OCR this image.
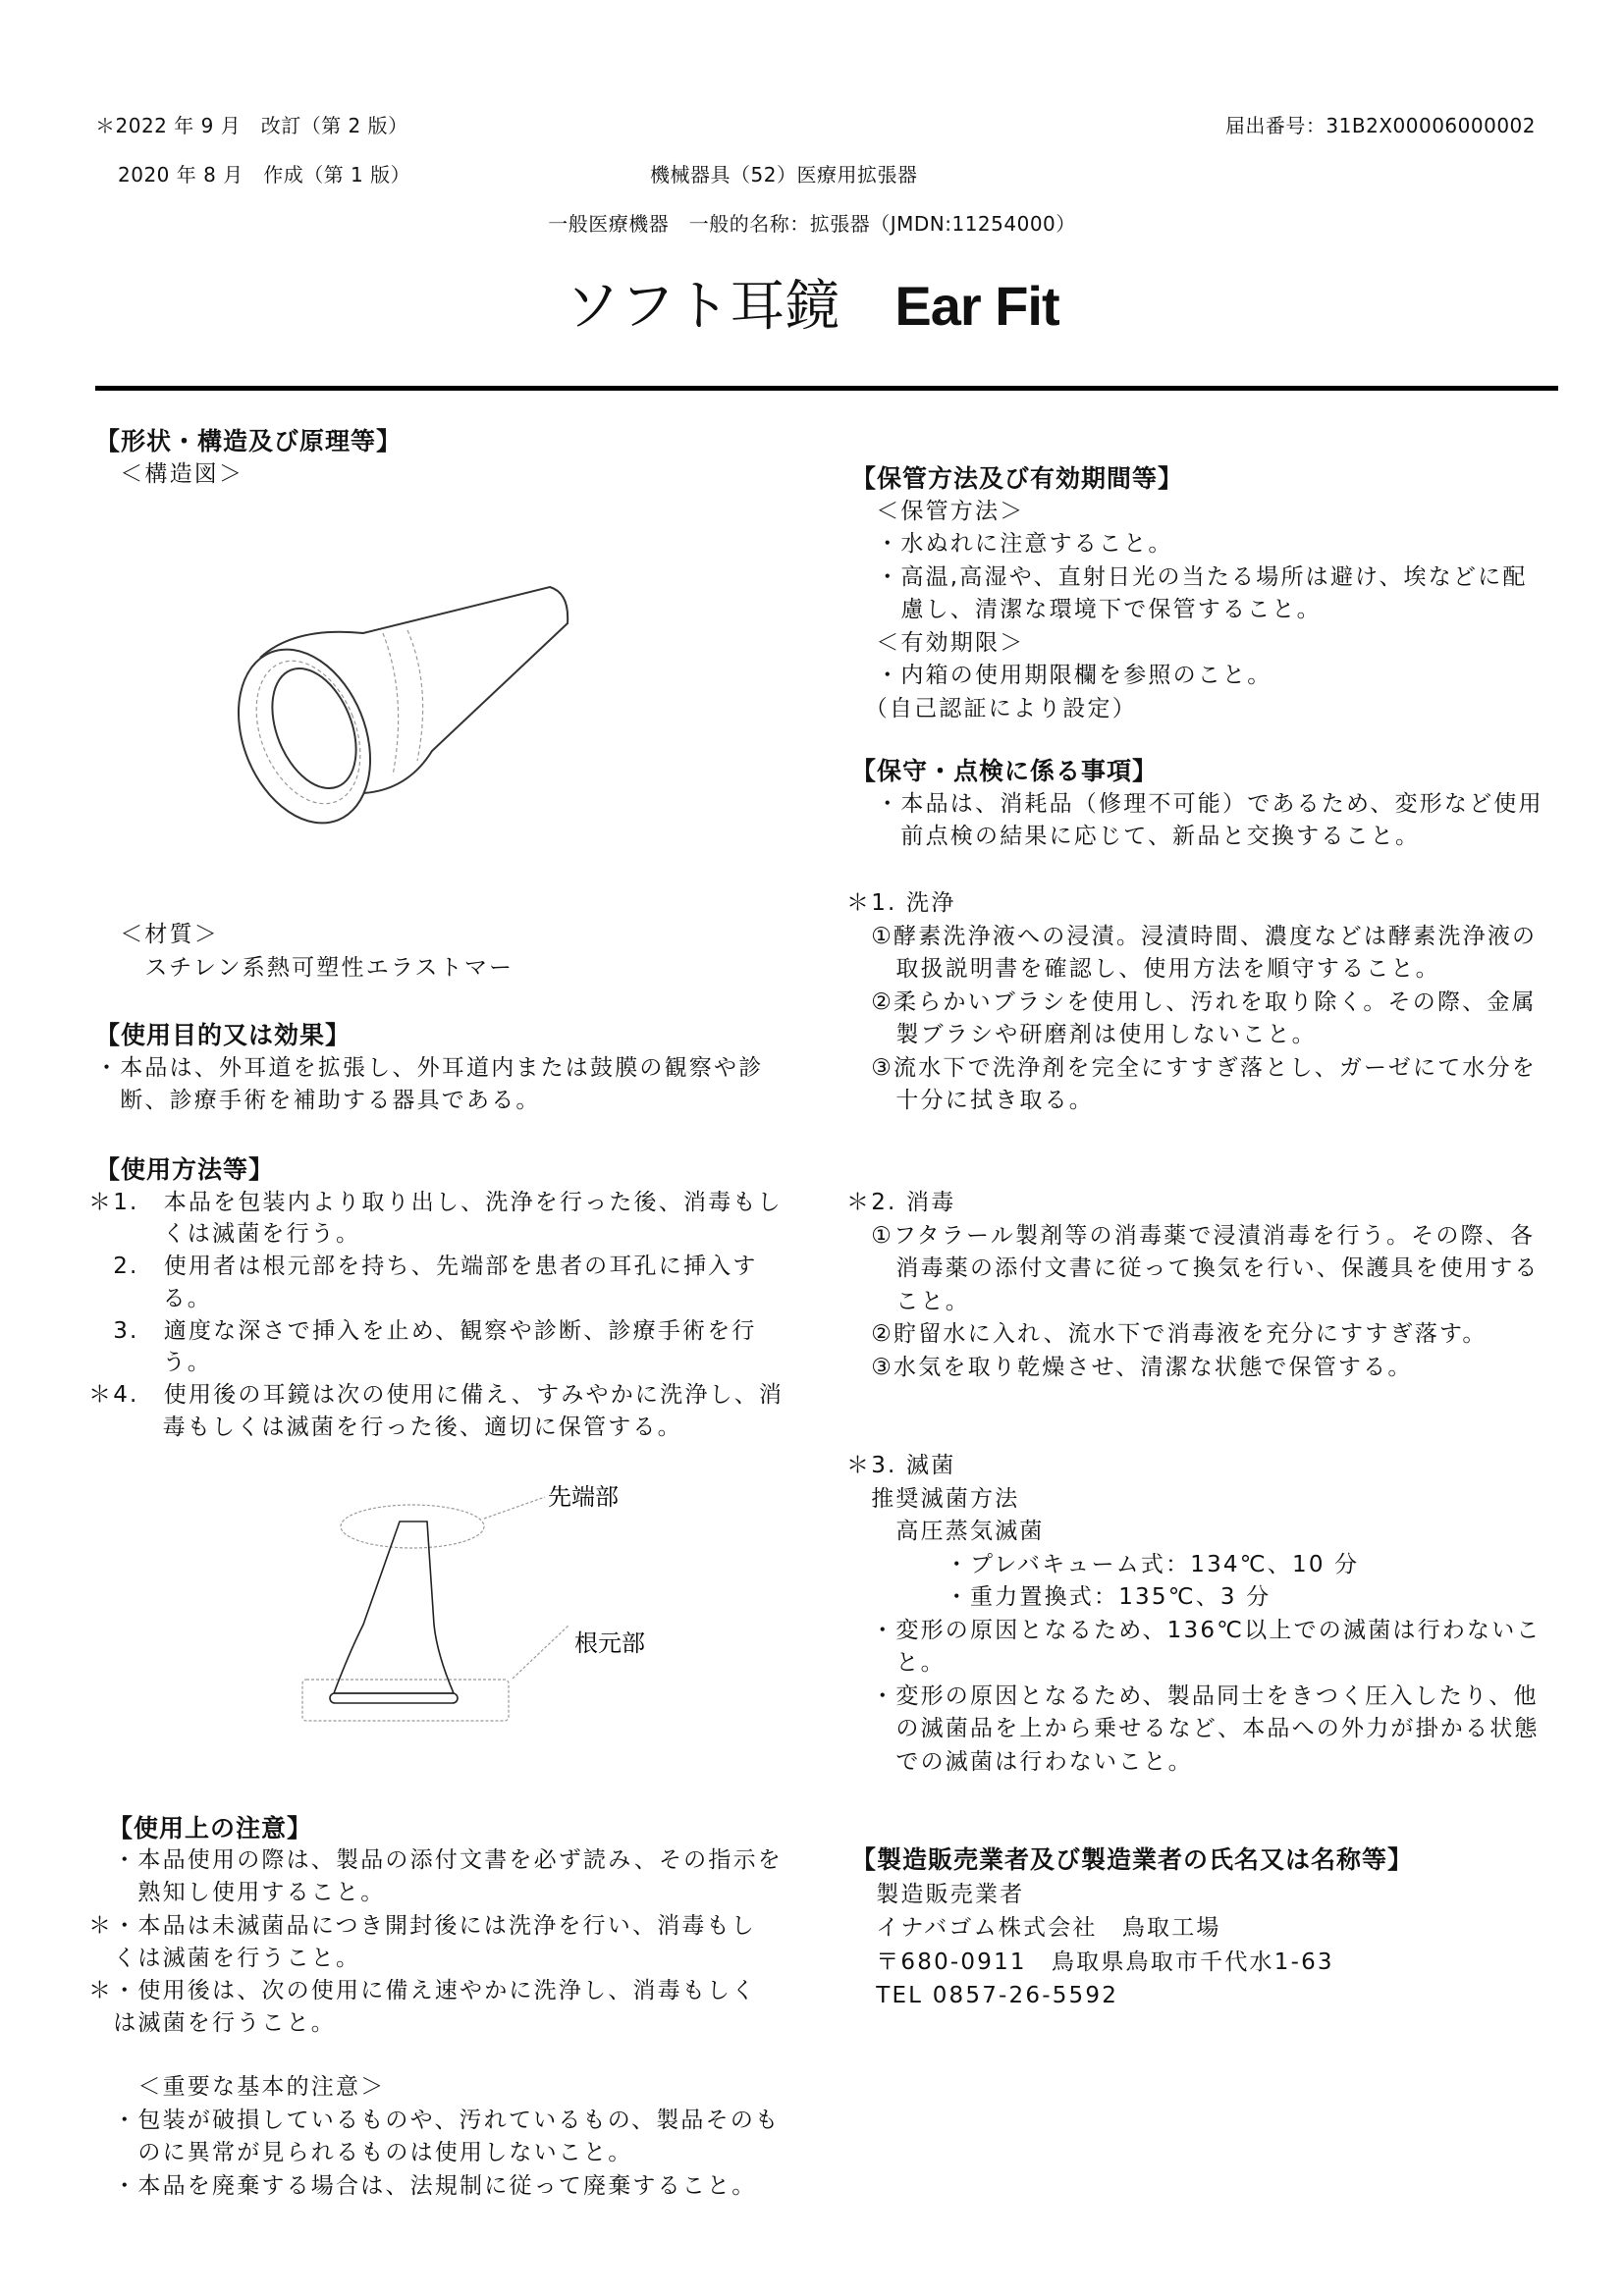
＊2022 年 9 月　改訂（第 2 版）	届出番号：31B2X00006000002
2020 年 8 月　作成（第 1 版）	機械器具（52）医療用拡張器
一般医療機器　一般的名称：拡張器（JMDN:11254000）
ソフト耳鏡　 Ear Fit
【形状・構造及び原理等】
　＜構造図＞
　＜材質＞
　　スチレン系熱可塑性エラストマー
【使用目的又は効果】
・本品は、外耳道を拡張し、外耳道内または鼓膜の観察や診
　断、診療手術を補助する器具である。
【使用方法等】
＊1.　本品を包装内より取り出し、洗浄を行った後、消毒もし
　　　くは滅菌を行う。
　2.　使用者は根元部を持ち、先端部を患者の耳孔に挿入す
　　　る。
　3.　適度な深さで挿入を止め、観察や診断、診療手術を行
　　　う。
＊4.　使用後の耳鏡は次の使用に備え、すみやかに洗浄し、消
　　　毒もしくは滅菌を行った後、適切に保管する。
先端部
根元部
【使用上の注意】
　・本品使用の際は、製品の添付文書を必ず読み、その指示を
　　熟知し使用すること。
＊・本品は未滅菌品につき開封後には洗浄を行い、消毒もし
　くは滅菌を行うこと。
＊・使用後は、次の使用に備え速やかに洗浄し、消毒もしく
　は滅菌を行うこと。
　　＜重要な基本的注意＞
　・包装が破損しているものや、汚れているもの、製品そのも
　　のに異常が見られるものは使用しないこと。
　・本品を廃棄する場合は、法規制に従って廃棄すること。
【保管方法及び有効期間等】
　＜保管方法＞
　・水ぬれに注意すること。
　・高温,高湿や、直射日光の当たる場所は避け、埃などに配
　　慮し、清潔な環境下で保管すること。
　＜有効期限＞
　・内箱の使用期限欄を参照のこと。
　（自己認証により設定）
【保守・点検に係る事項】
　・本品は、消耗品（修理不可能）であるため、変形など使用
　　前点検の結果に応じて、新品と交換すること。
＊1. 洗浄
　①酵素洗浄液への浸漬。浸漬時間、濃度などは酵素洗浄液の
　　取扱説明書を確認し、使用方法を順守すること。
　②柔らかいブラシを使用し、汚れを取り除く。その際、金属
　　製ブラシや研磨剤は使用しないこと。
　③流水下で洗浄剤を完全にすすぎ落とし、ガーゼにて水分を
　　十分に拭き取る。
＊2. 消毒
　①フタラール製剤等の消毒薬で浸漬消毒を行う。その際、各
　　消毒薬の添付文書に従って換気を行い、保護具を使用する
　　こと。
　②貯留水に入れ、流水下で消毒液を充分にすすぎ落す。
　③水気を取り乾燥させ、清潔な状態で保管する。
＊3. 滅菌
　推奨滅菌方法
　　高圧蒸気滅菌
　　　　・プレバキューム式：134℃、10 分
　　　　・重力置換式：135℃、3 分
　・変形の原因となるため、136℃以上での滅菌は行わないこ
　　と。
　・変形の原因となるため、製品同士をきつく圧入したり、他
　　の滅菌品を上から乗せるなど、本品への外力が掛かる状態
　　での滅菌は行わないこと。
【製造販売業者及び製造業者の氏名又は名称等】
　製造販売業者
　イナバゴム株式会社　鳥取工場
　〒680-0911　鳥取県鳥取市千代水1-63
　TEL 0857-26-5592
